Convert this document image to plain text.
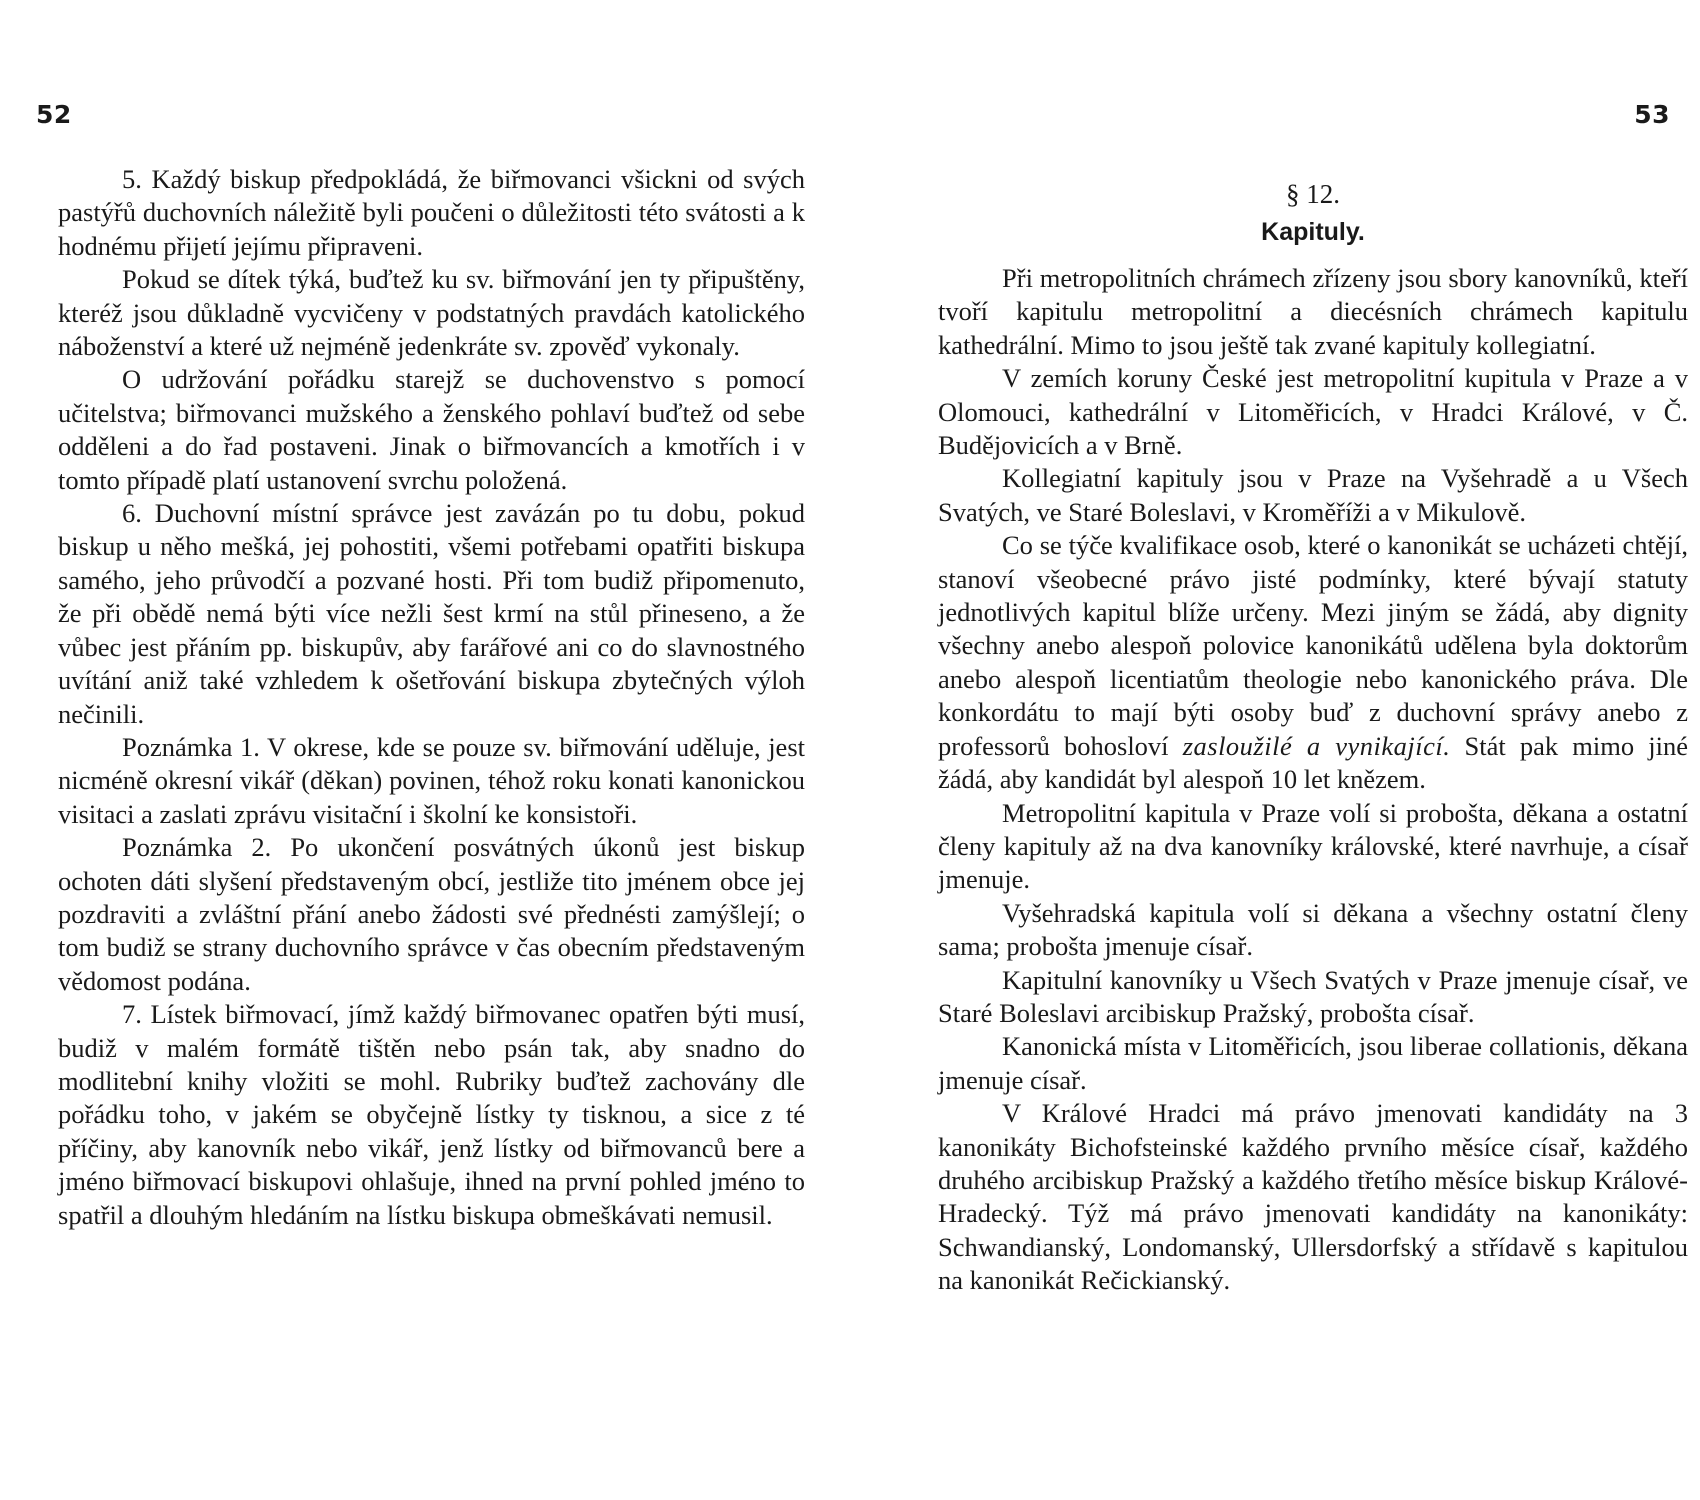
52

5. Každý biskup předpokládá, že biřmovanci všickni od svých pastýřů duchovních náležitě byli poučeni o důležitosti této svátosti a k hodnému přijetí jejímu připraveni.

Pokud se dítek týká, buďtež ku sv. biřmování jen ty připuštěny, kteréž jsou důkladně vycvičeny v podstatných pravdách katolického náboženství a které už nejméně jedenkráte sv. zpověď vykonaly.

O udržování pořádku starejž se duchovenstvo s pomocí učitelstva; biřmovanci mužského a ženského pohlaví buďtež od sebe odděleni a do řad postaveni. Jinak o biřmovancích a kmotřích i v tomto případě platí ustanovení svrchu položená.

6. Duchovní místní správce jest zavázán po tu dobu, pokud biskup u něho mešká, jej pohostiti, všemi potřebami opatřiti biskupa samého, jeho průvodčí a pozvané hosti. Při tom budiž připomenuto, že při obědě nemá býti více nežli šest krmí na stůl přineseno, a že vůbec jest přáním pp. biskupův, aby farářové ani co do slavnostného uvítání aniž také vzhledem k ošetřování biskupa zbytečných výloh nečinili.

Poznámka 1. V okrese, kde se pouze sv. biřmování uděluje, jest nicméně okresní vikář (děkan) povinen, téhož roku konati kanonickou visitaci a zaslati zprávu visitační i školní ke konsistoři.

Poznámka 2. Po ukončení posvátných úkonů jest biskup ochoten dáti slyšení představeným obcí, jestliže tito jménem obce jej pozdraviti a zvláštní přání anebo žádosti své přednésti zamýšlejí; o tom budiž se strany duchovního správce v čas obecním představeným vědomost podána.

7. Lístek biřmovací, jímž každý biřmovanec opatřen býti musí, budiž v malém formátě tištěn nebo psán tak, aby snadno do modlitební knihy vložiti se mohl. Rubriky buďtež zachovány dle pořádku toho, v jakém se obyčejně lístky ty tisknou, a sice z té příčiny, aby kanovník nebo vikář, jenž lístky od biřmovanců bere a jméno biřmovací biskupovi ohlašuje, ihned na první pohled jméno to spatřil a dlouhým hledáním na lístku biskupa obmeškávati nemusil.

53
§ 12.
Kapituly.

Při metropolitních chrámech zřízeny jsou sbory kanovníků, kteří tvoří kapitulu metropolitní a diecésních chrámech kapitulu kathedrální. Mimo to jsou ještě tak zvané kapituly kollegiatní.

V zemích koruny České jest metropolitní kupitula v Praze a v Olomouci, kathedrální v Litoměřicích, v Hradci Králové, v Č. Budějovicích a v Brně.

Kollegiatní kapituly jsou v Praze na Vyšehradě a u Všech Svatých, ve Staré Boleslavi, v Kroměříži a v Mikulově.

Co se týče kvalifikace osob, které o kanonikát se ucházeti chtějí, stanoví všeobecné právo jisté podmínky, které bývají statuty jednotlivých kapitul blíže určeny. Mezi jiným se žádá, aby dignity všechny anebo alespoň polovice kanonikátů udělena byla doktorům anebo alespoň licentiatům theologie nebo kanonického práva. Dle konkordátu to mají býti osoby buď z duchovní správy anebo z professorů bohosloví zasloužilé a vynikající. Stát pak mimo jiné žádá, aby kandidát byl alespoň 10 let knězem.

Metropolitní kapitula v Praze volí si probošta, děkana a ostatní členy kapituly až na dva kanovníky královské, které navrhuje, a císař jmenuje.

Vyšehradská kapitula volí si děkana a všechny ostatní členy sama; probošta jmenuje císař.

Kapitulní kanovníky u Všech Svatých v Praze jmenuje císař, ve Staré Boleslavi arcibiskup Pražský, probošta císař.

Kanonická místa v Litoměřicích, jsou liberae collationis, děkana jmenuje císař.

V Králové Hradci má právo jmenovati kandidáty na 3 kanonikáty Bichofsteinské každého prvního měsíce císař, každého druhého arcibiskup Pražský a každého třetího měsíce biskup Králové-Hradecký. Týž má právo jmenovati kandidáty na kanonikáty: Schwandianský, Londomanský, Ullersdorfský a střídavě s kapitulou na kanonikát Rečickianský.
